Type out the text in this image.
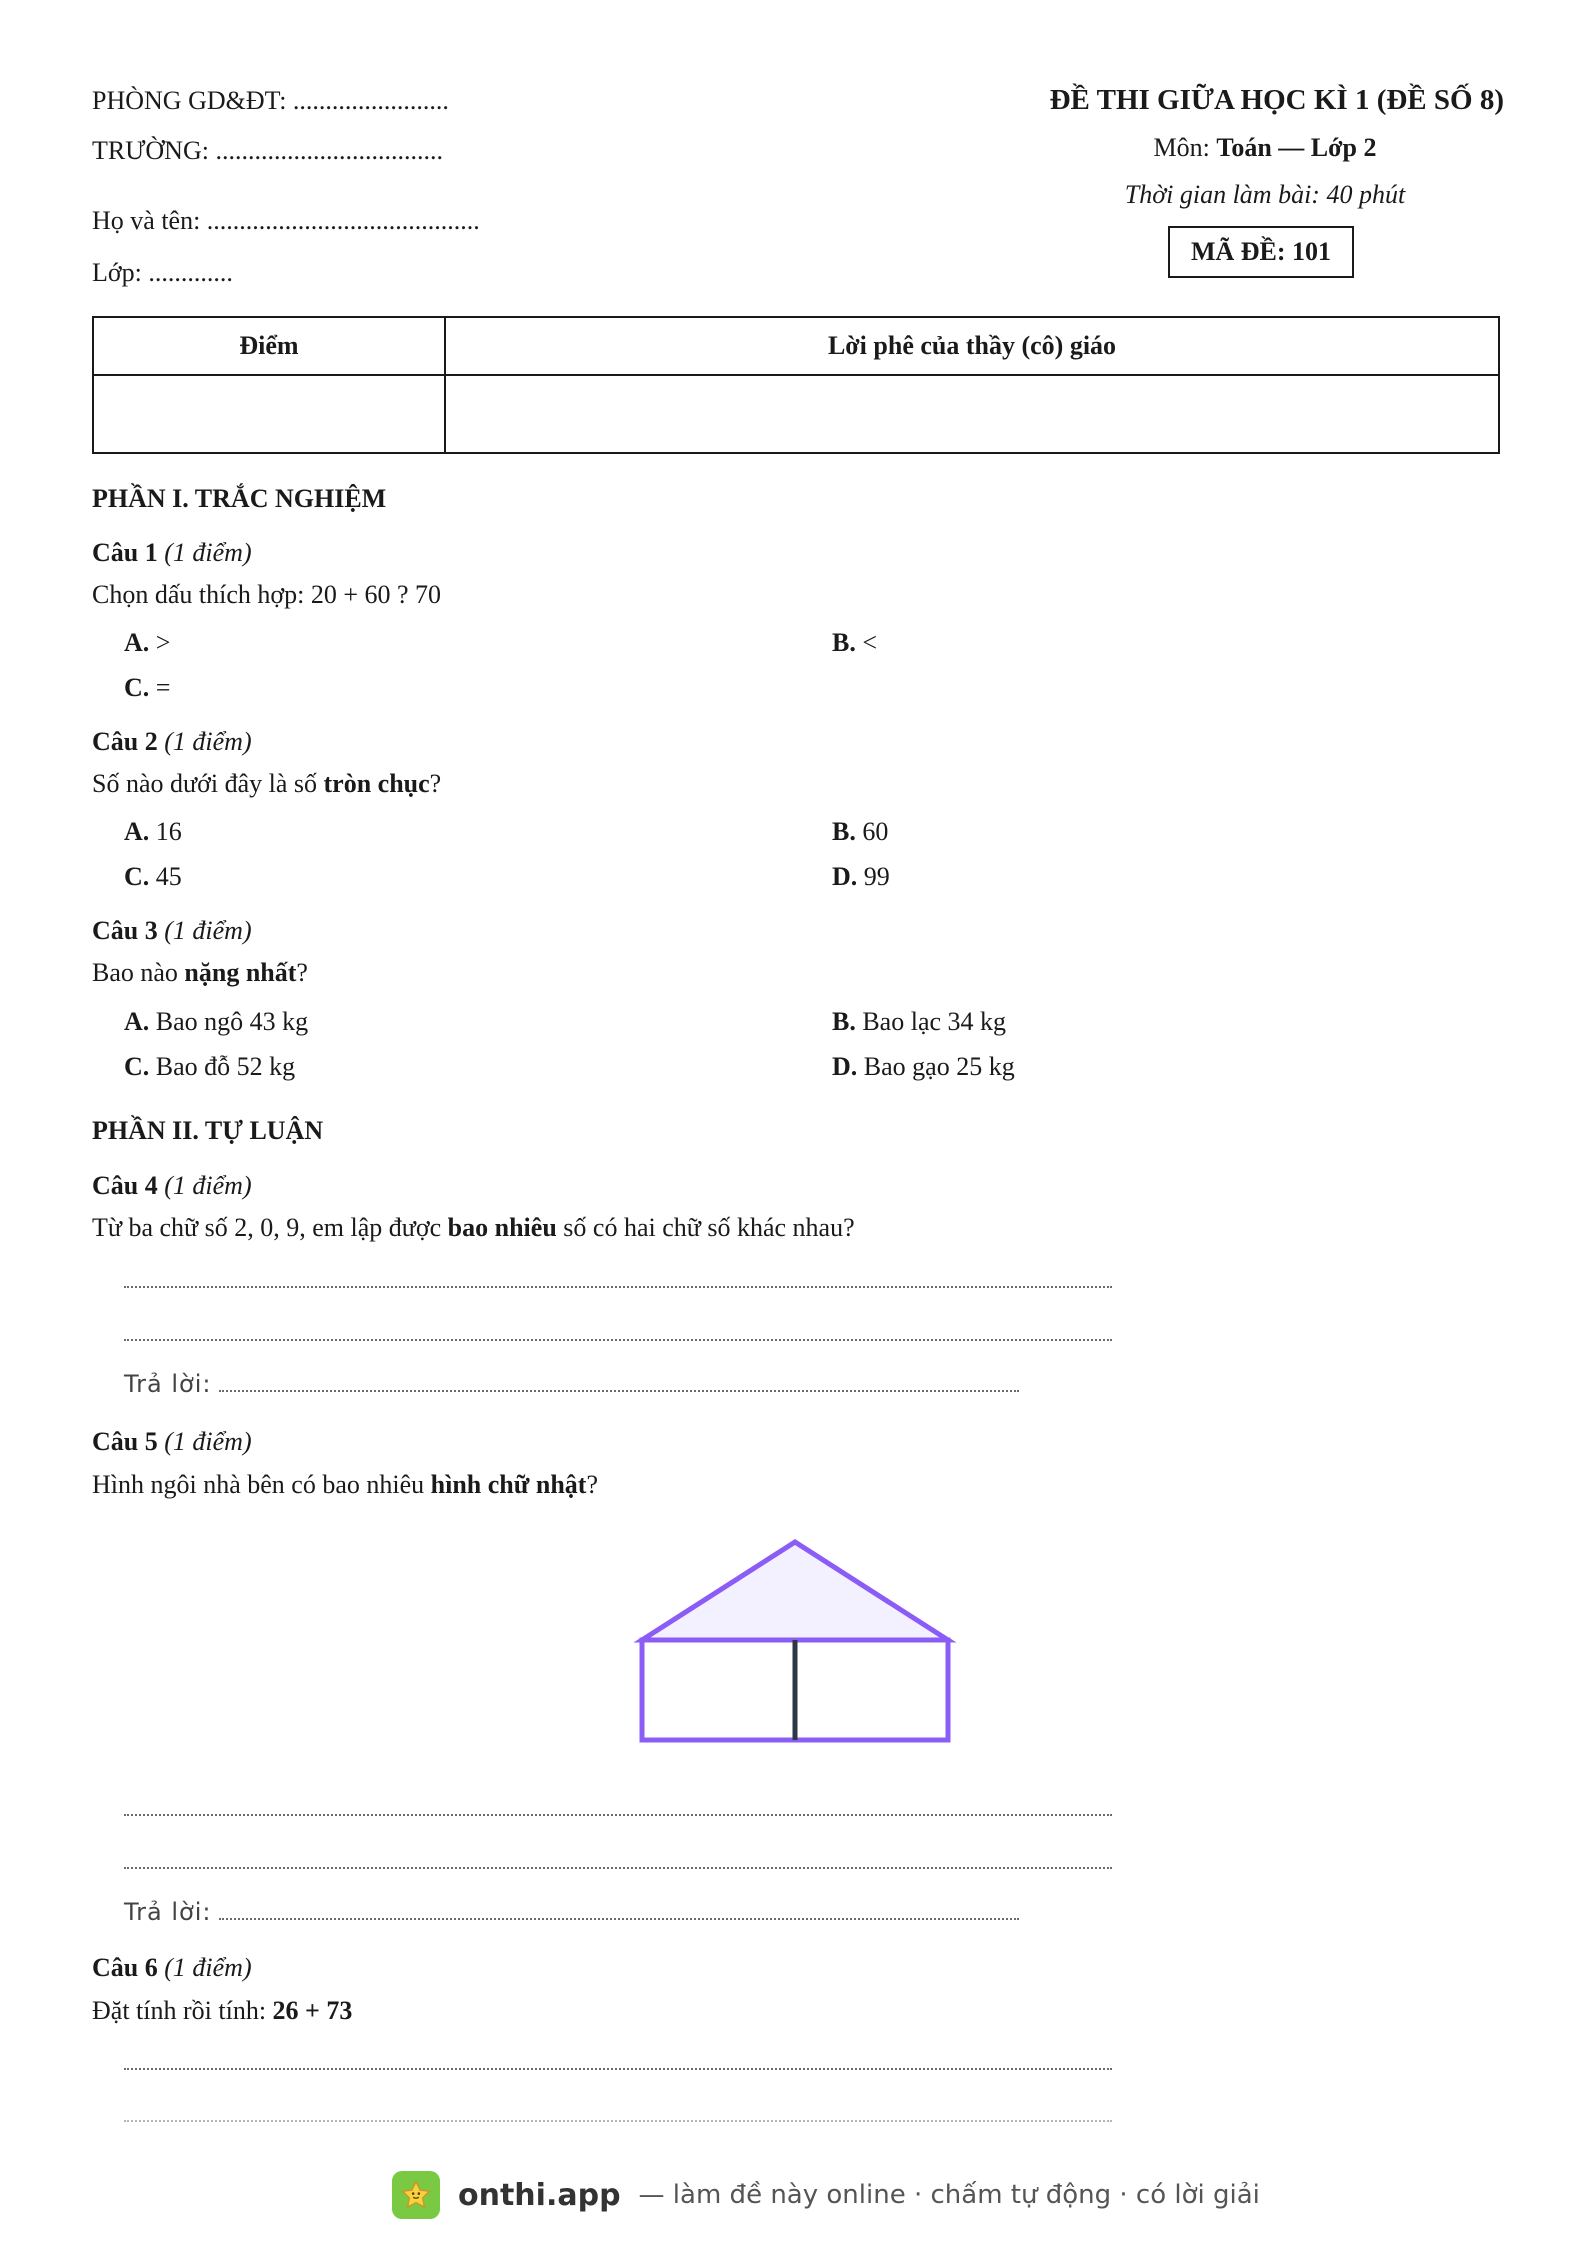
PHÒNG GD&ĐT: ........................
TRƯỜNG: ...................................
Họ và tên: ..........................................
Lớp: .............
ĐỀ THI GIỮA HỌC KÌ 1 (ĐỀ SỐ 8)
Môn: Toán — Lớp 2
Thời gian làm bài: 40 phút
MÃ ĐỀ: 101
Điểm	Lời phê của thầy (cô) giáo

PHẦN I. TRẮC NGHIỆM
Câu 1 (1 điểm)
Chọn dấu thích hợp: 20 + 60 ? 70
A. >	B. <
C. =
Câu 2 (1 điểm)
Số nào dưới đây là số tròn chục?
A. 16	B. 60
C. 45	D. 99
Câu 3 (1 điểm)
Bao nào nặng nhất?
A. Bao ngô 43 kg	B. Bao lạc 34 kg
C. Bao đỗ 52 kg	D. Bao gạo 25 kg
PHẦN II. TỰ LUẬN
Câu 4 (1 điểm)
Từ ba chữ số 2, 0, 9, em lập được bao nhiêu số có hai chữ số khác nhau?
Trả lời:
Câu 5 (1 điểm)
Hình ngôi nhà bên có bao nhiêu hình chữ nhật?
Trả lời:
Câu 6 (1 điểm)
Đặt tính rồi tính: 26 + 73
onthi.app — làm đề này online · chấm tự động · có lời giải
